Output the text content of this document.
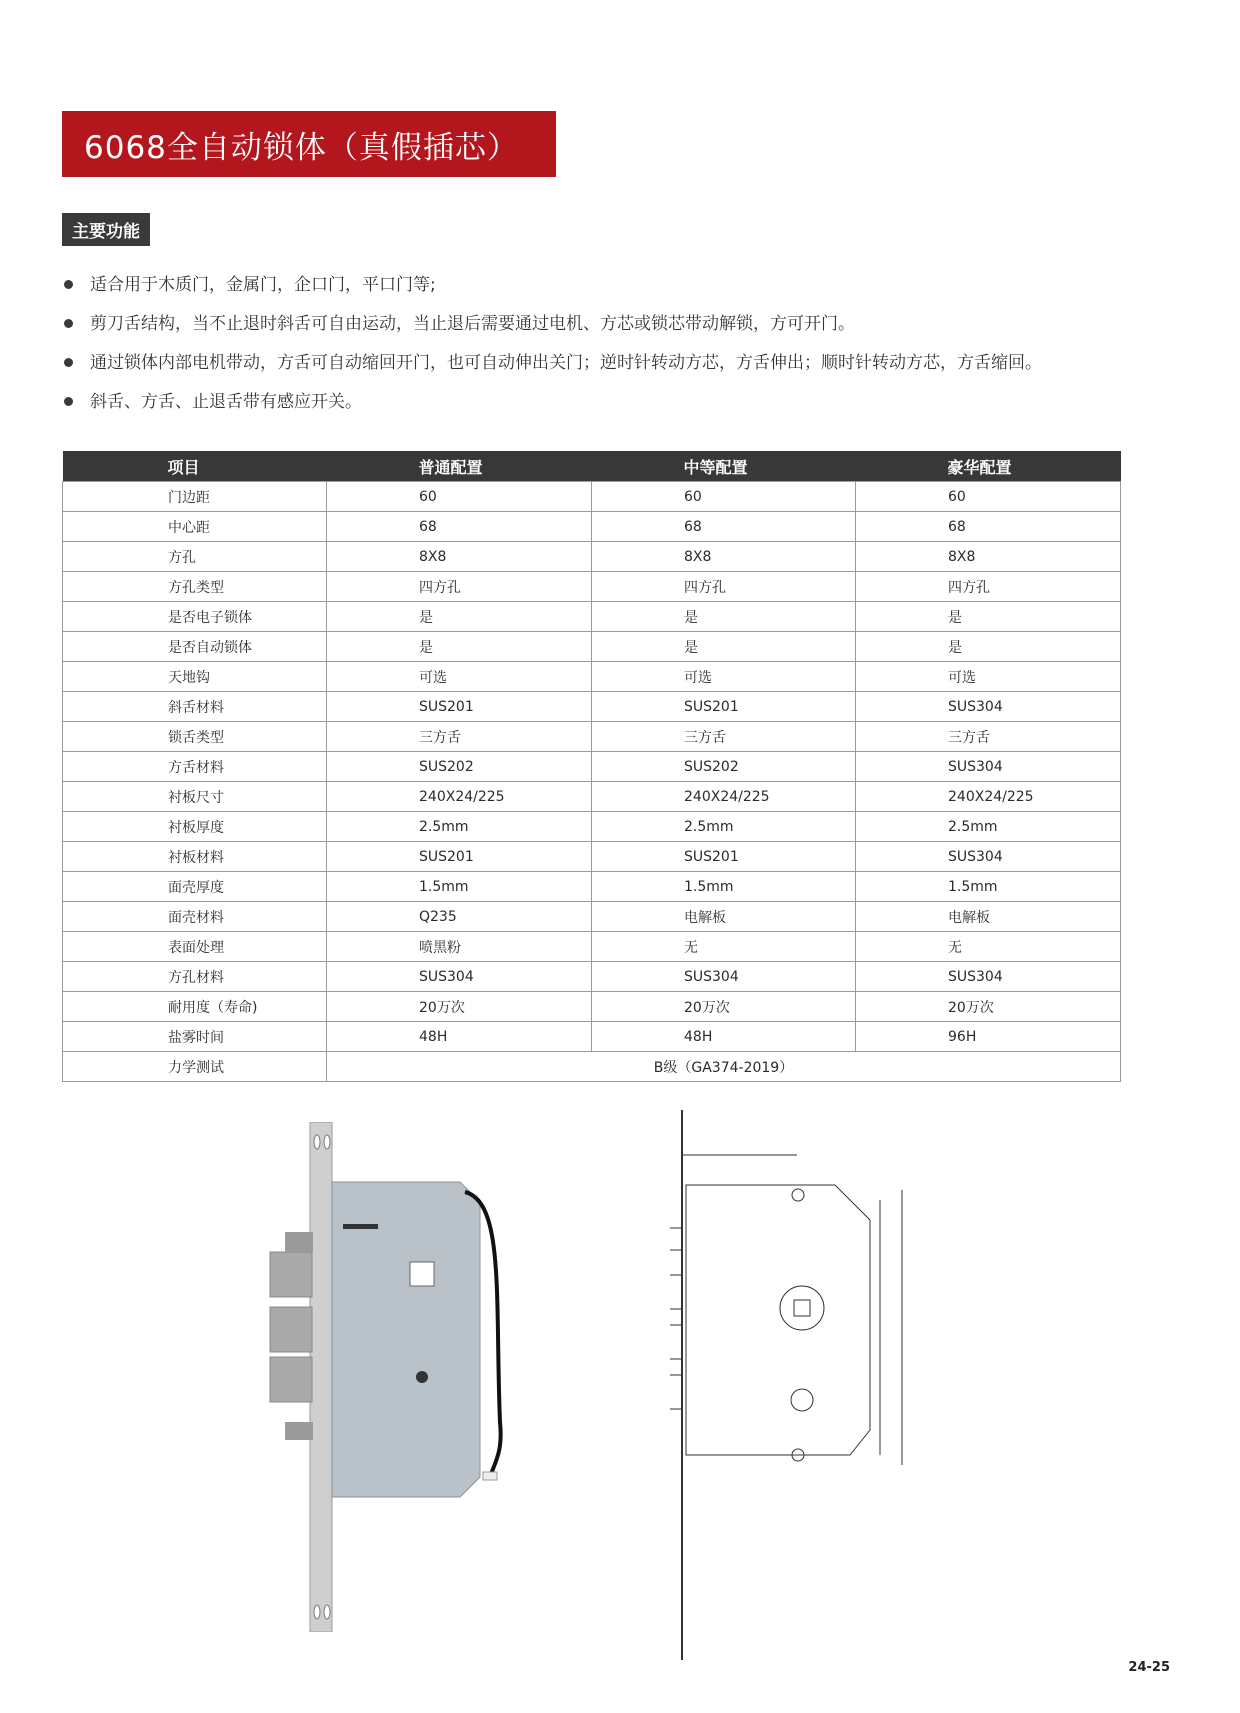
6068全自动锁体（真假插芯）
主要功能
适合用于木质门，金属门，企口门，平口门等;
剪刀舌结构，当不止退时斜舌可自由运动，当止退后需要通过电机、方芯或锁芯带动解锁，方可开门。
通过锁体内部电机带动，方舌可自动缩回开门，也可自动伸出关门；逆时针转动方芯，方舌伸出；顺时针转动方芯，方舌缩回。
斜舌、方舌、止退舌带有感应开关。
项目	普通配置	中等配置	豪华配置
门边距	60	60	60
中心距	68	68	68
方孔	8X8	8X8	8X8
方孔类型	四方孔	四方孔	四方孔
是否电子锁体	是	是	是
是否自动锁体	是	是	是
天地钩	可选	可选	可选
斜舌材料	SUS201	SUS201	SUS304
锁舌类型	三方舌	三方舌	三方舌
方舌材料	SUS202	SUS202	SUS304
衬板尺寸	240X24/225	240X24/225	240X24/225
衬板厚度	2.5mm	2.5mm	2.5mm
衬板材料	SUS201	SUS201	SUS304
面壳厚度	1.5mm	1.5mm	1.5mm
面壳材料	Q235	电解板	电解板
表面处理	喷黑粉	无	无
方孔材料	SUS304	SUS304	SUS304
耐用度（寿命)	20万次	20万次	20万次
盐雾时间	48H	48H	96H
力学测试	B级（GA374-2019）		
24-25
